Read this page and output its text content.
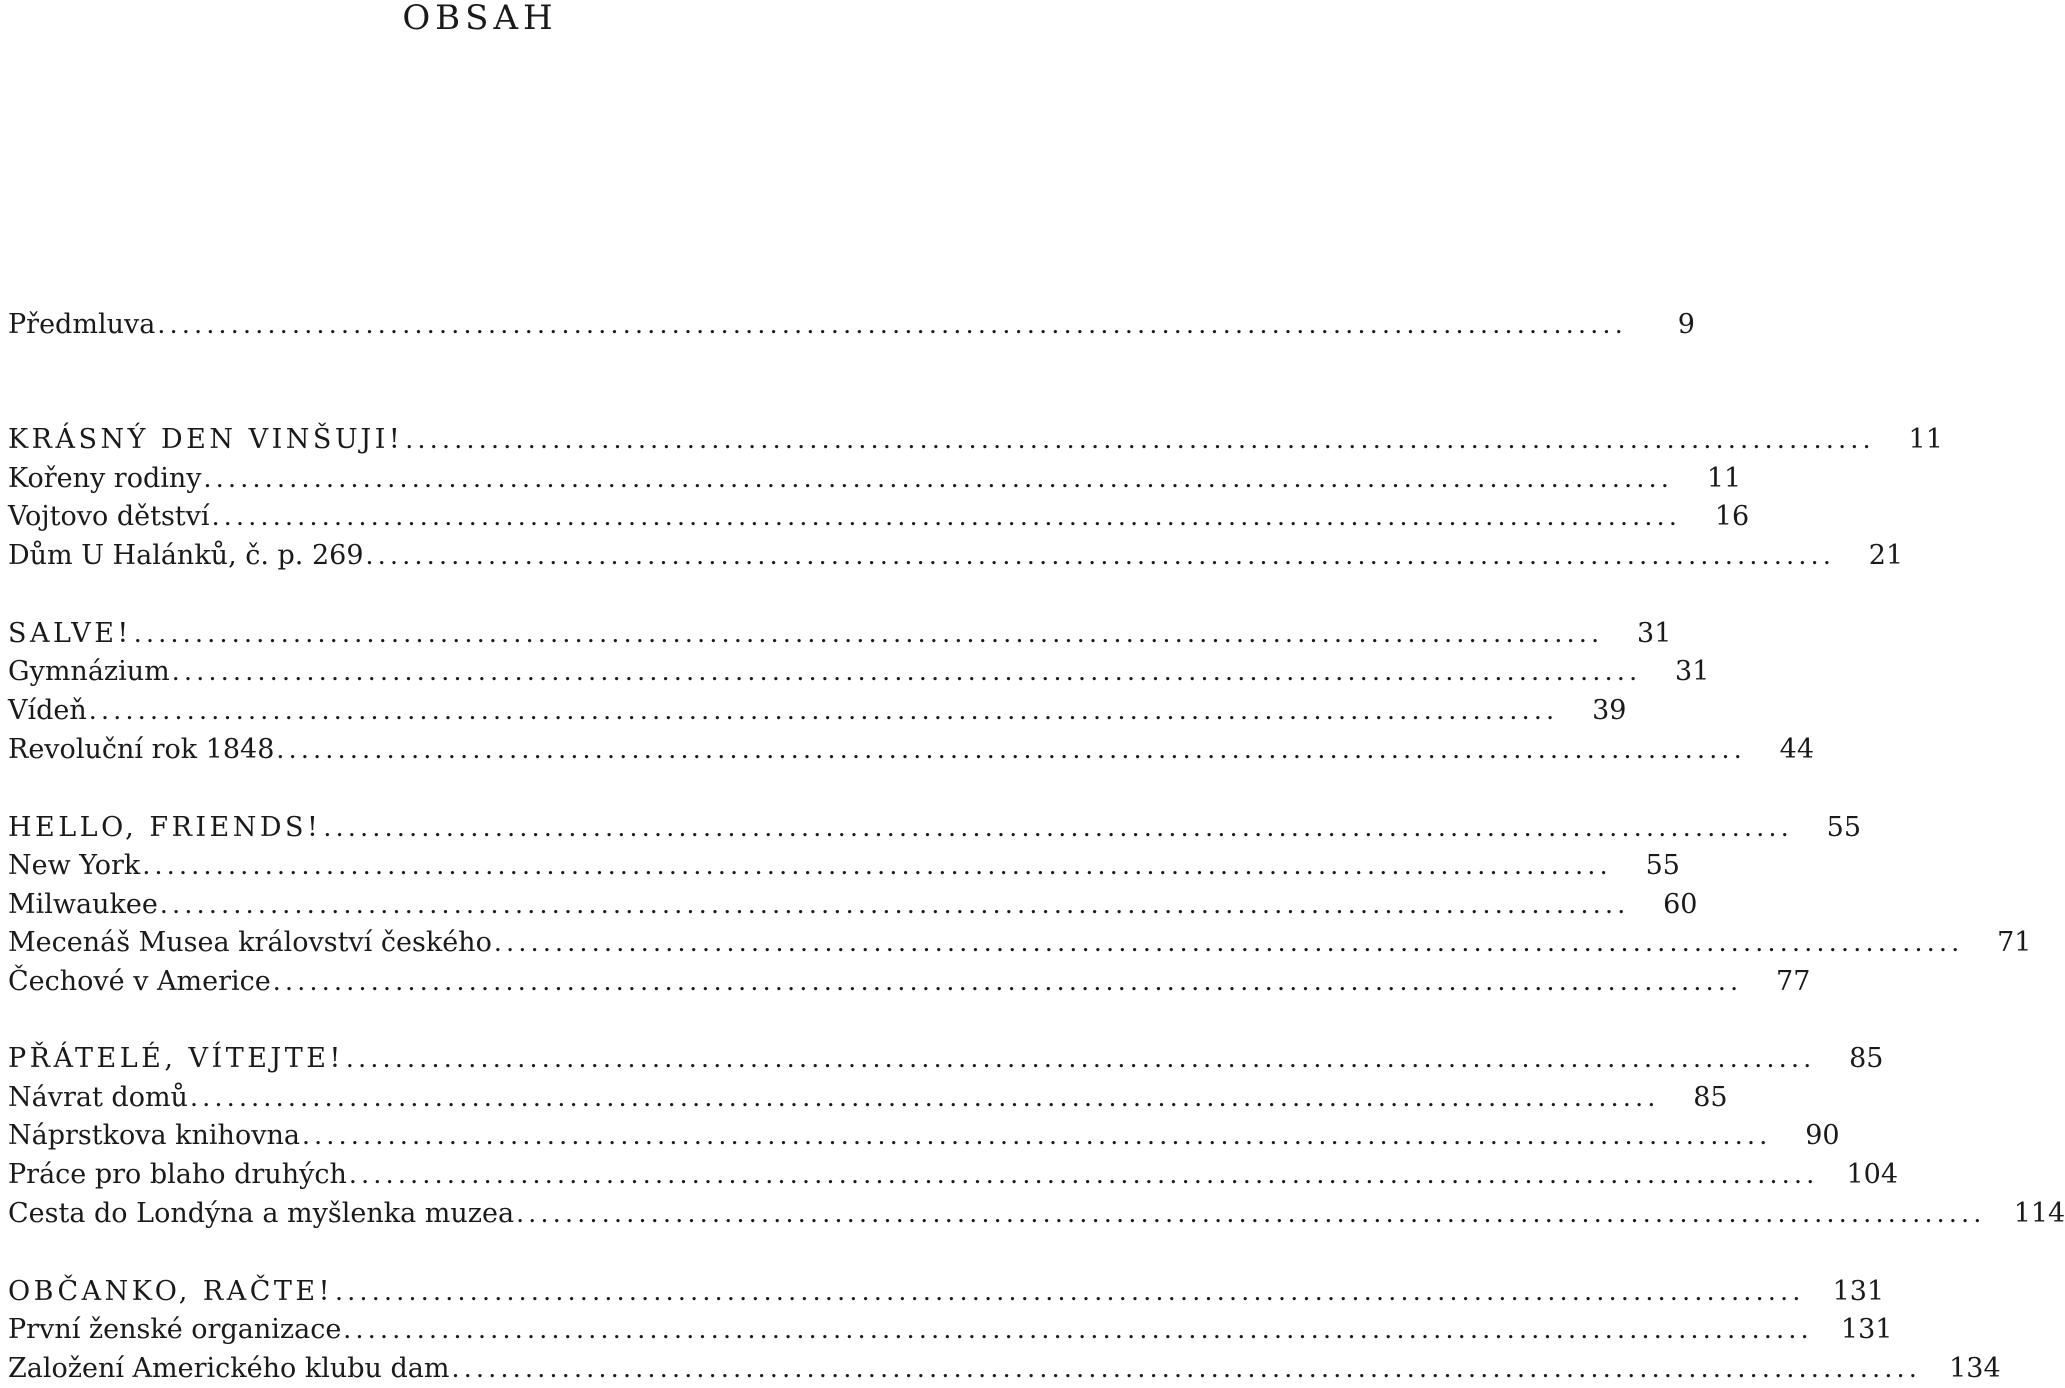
OBSAH
Předmluva ........................................................................................................................	9
KRÁSNÝ DEN VINŠUJI! ........................................................................................................................ 11
Kořeny rodiny ........................................................................................................................ 11
Vojtovo dětství ........................................................................................................................ 16
Dům U Halánků, č. p. 269 ........................................................................................................................ 21
SALVE! ........................................................................................................................ 31
Gymnázium ........................................................................................................................ 31
Vídeň ........................................................................................................................ 39
Revoluční rok 1848 ........................................................................................................................ 44
HELLO, FRIENDS! ........................................................................................................................ 55
New York ........................................................................................................................ 55
Milwaukee ........................................................................................................................ 60
Mecenáš Musea království českého ........................................................................................................................ 71
Čechové v Americe ........................................................................................................................ 77
PŘÁTELÉ, VÍTEJTE! ........................................................................................................................ 85
Návrat domů ........................................................................................................................ 85
Náprstkova knihovna ........................................................................................................................ 90
Práce pro blaho druhých ........................................................................................................................ 104
Cesta do Londýna a myšlenka muzea ........................................................................................................................ 114
OBČANKO, RAČTE! ........................................................................................................................ 131
První ženské organizace ........................................................................................................................ 131
Založení Amerického klubu dam ........................................................................................................................ 134
